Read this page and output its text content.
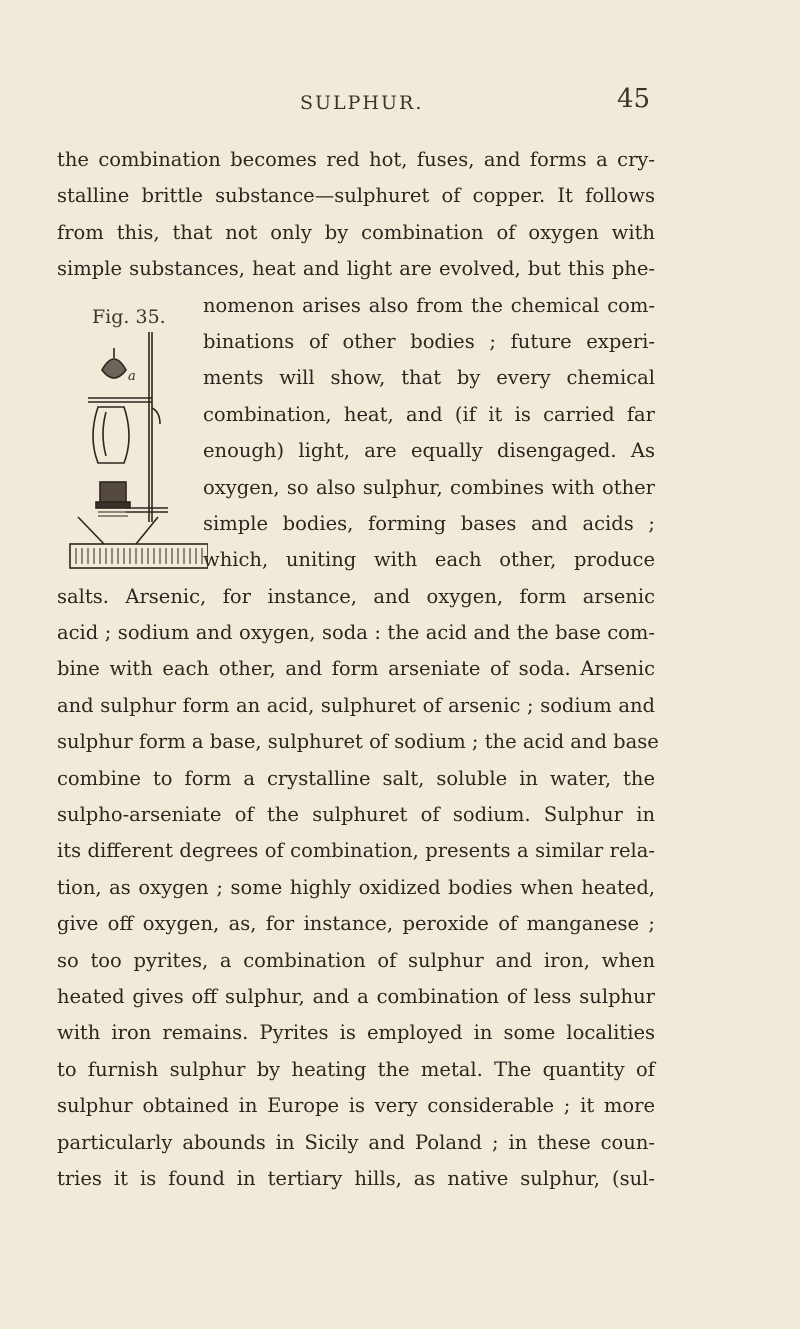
SULPHUR.	45
Fig. 35.
a
the combination becomes red hot, fuses, and forms a cry-
stalline brittle substance—sulphuret of copper. It follows
from this, that not only by combination of oxygen with
simple substances, heat and light are evolved, but this phe-
nomenon arises also from the chemical com-
binations of other bodies ; future experi-
ments will show, that by every chemical
combination, heat, and (if it is carried far
enough) light, are equally disengaged. As
oxygen, so also sulphur, combines with other
simple bodies, forming bases and acids ;
which, uniting with each other, produce
salts. Arsenic, for instance, and oxygen, form arsenic
acid ; sodium and oxygen, soda : the acid and the base com-
bine with each other, and form arseniate of soda. Arsenic
and sulphur form an acid, sulphuret of arsenic ; sodium and
sulphur form a base, sulphuret of sodium ; the acid and base
combine to form a crystalline salt, soluble in water, the
sulpho-arseniate of the sulphuret of sodium. Sulphur in
its different degrees of combination, presents a similar rela-
tion, as oxygen ; some highly oxidized bodies when heated,
give off oxygen, as, for instance, peroxide of manganese ;
so too pyrites, a combination of sulphur and iron, when
heated gives off sulphur, and a combination of less sulphur
with iron remains. Pyrites is employed in some localities
to furnish sulphur by heating the metal. The quantity of
sulphur obtained in Europe is very considerable ; it more
particularly abounds in Sicily and Poland ; in these coun-
tries it is found in tertiary hills, as native sulphur, (sul-
